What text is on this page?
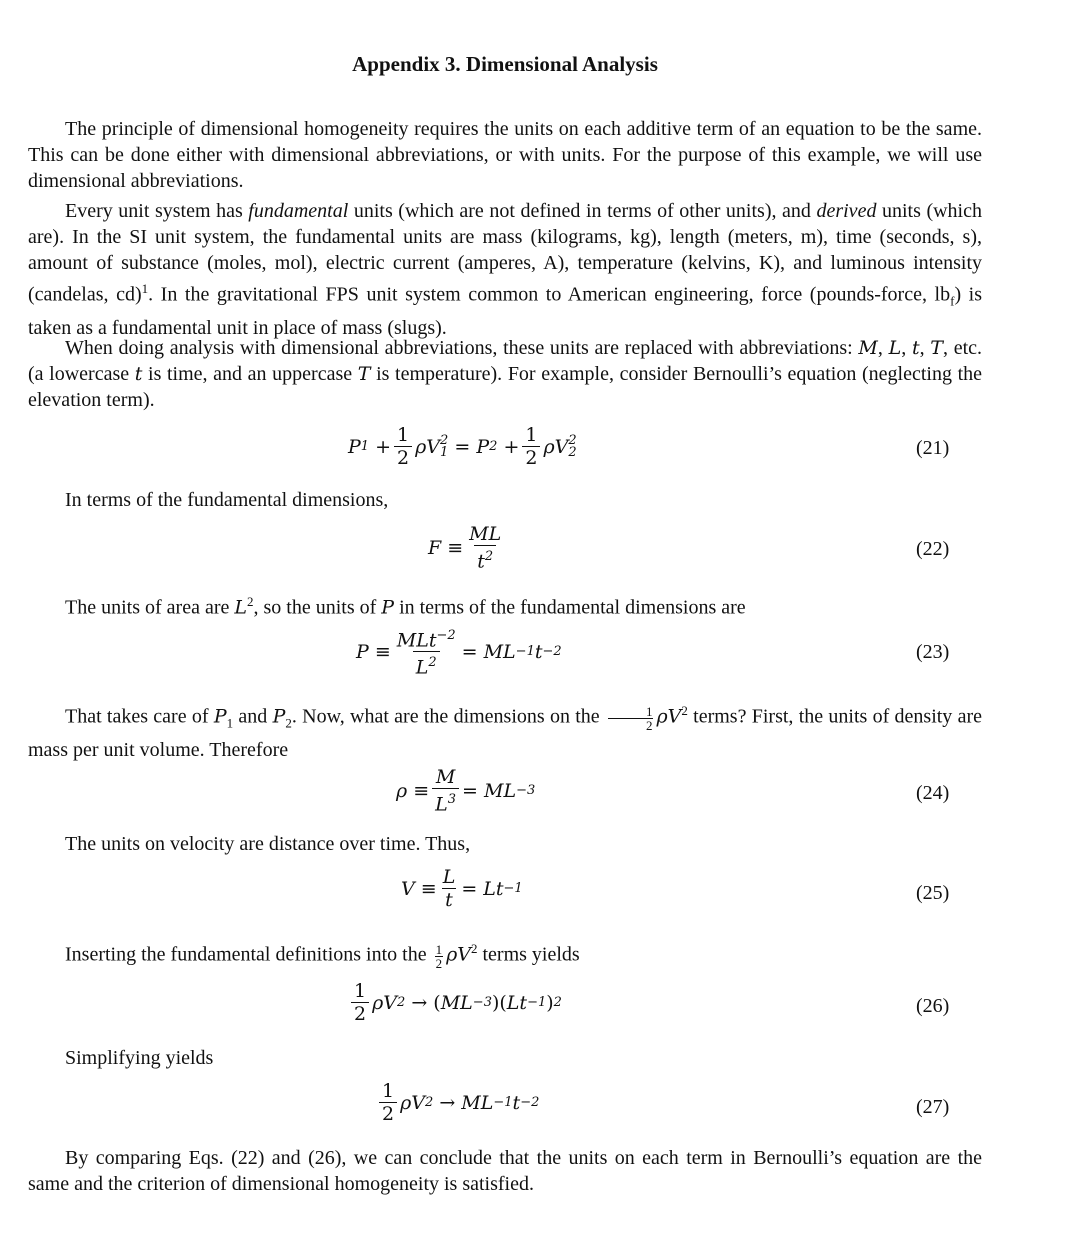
Appendix 3. Dimensional Analysis

The principle of dimensional homogeneity requires the units on each additive term of an equation to be the same. This can be done either with dimensional abbreviations, or with units. For the purpose of this example, we will use dimensional abbreviations.

Every unit system has fundamental units (which are not defined in terms of other units), and derived units (which are). In the SI unit system, the fundamental units are mass (kilograms, kg), length (meters, m), time (seconds, s), amount of substance (moles, mol), electric current (amperes, A), temperature (kelvins, K), and luminous intensity (candelas, cd)$^1$. In the gravitational FPS unit system common to American engineering, force (pounds-force, $lb_f$) is taken as a fundamental unit in place of mass (slugs).

When doing analysis with dimensional abbreviations, these units are replaced with abbreviations: M, L, t, T, etc. (a lowercase t is time, and an uppercase T is temperature). For example, consider Bernoulli’s equation (neglecting the elevation term).

P $1 + \frac{1}{2}$ ρV 2
1 = P $2 + \frac{1}{2}$ ρV 2
2	(21)
In terms of the fundamental dimensions,
$F \equiv \frac{ML}{t^2}$	(22)
The units of area are $L^2$, so the units of P in terms of the fundamental dimensions are
$P \equiv \frac{MLt^{-2}}{L^2}$ = ML −1 t −2	(23)

That takes care of $P_1$ and $P_2$. Now, what are the dimensions on the $\frac{1}{2} \rho V^2$ terms? First, the units of density are mass per unit volume. Therefore

$\rho \equiv \frac{M}{L^3}$ = ML −3	(24)
The units on velocity are distance over time. Thus,
$V \equiv \frac{L}{t} = Lt -1$	(25)
Inserting the fundamental definitions into the $\frac{1}{2} \rho V^2$ terms yields
$\frac{1}{2}$ ρV 2
→
( ML −3 )( Lt −1 ) 2	(26)
Simplifying yields
$\frac{1}{2}$ ρV 2
→ ML −1 t −2	(27)

By comparing Eqs. (22) and (26), we can conclude that the units on each term in Bernoulli’s equation are the same and the criterion of dimensional homogeneity is satisfied.
